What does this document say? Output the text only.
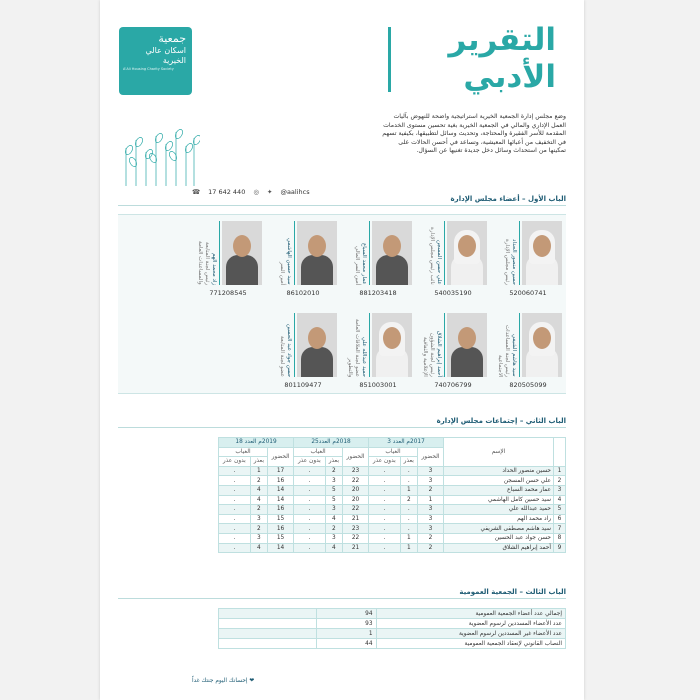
جمعية
اسكان عالي
الخيرية
A'Ali Housing Charity Society
التقرير
الأدبي
وضع مجلس إدارة الجمعية الخيرية استراتيجية واضحة للنهوض بآليات العمل الإداري والمالي في الجمعية الخيرية بغية تحسين مستوى الخدمات المقدمة للأسر الفقيرة والمحتاجة، وتحديث وسائل لتطبيقها، بكيفية تسهم في التخفيف من أعبائها المعيشية، وتساعد في أحسن الحالات على تمكينها من استحداث وسائل دخل جديدة تغنيها عن السؤال.
☎ 17 642 440 ◎ ✦ @aalihcs
الباب الأول – أعضاء مجلس الإدارة
حسين منصور الحداد
رئيس مجلس الإدارة
520060741
علي حسن المسجن
نائب رئيس مجلس الإدارة
540035190
عمار محمد السباع
أمين السر المالي
881203418
سيد حسين الهاشمي
أمين السر
86102010
زاد محمد الهم
رئيس لجنة المتابعة والمساعدات العامة
771208545
سيد هاشم الشيفي
رئيس لجنة المساعدات الاجتماعية
820505099
أحمد إبراهيم الشلاق
رئيس لجنة الشؤون الإعلامية والثقافية
740706799
حميد عبدالله علي
عضو لجنة العلاقات العامة والتطوير
851003001
حسن جواد عبد الحسين
عضو لجنة المتابعة
801109477
الباب الثاني – إجتماعات مجلس الإدارة
	الإسم	2017م العدد 3			2018م العدد25			2019م العدد 18		
		الحضور	الغياب		الحضور	الغياب		الحضور	الغياب	
			بعذر	بدون عذر		بعذر	بدون عذر		بعذر	بدون عذر
1	حسين منصور الحداد	3	.	.	23	2	.	17	1	.
2	علي حسن المسجن	3	.	.	22	3	.	16	2	.
3	عمار محمد السباع	2	1	.	20	5	.	14	4	.
4	سيد حسين كامل الهاشمي	1	2	.	20	5	.	14	4	.
5	حميد عبدالله علي	3	.	.	22	3	.	16	2	.
6	راد محمد الهم	3	.	.	21	4	.	15	3	.
7	سيد هاشم مصطفى الشريفي	3	.	.	23	2	.	16	2	.
8	حسن جواد عبد الحسين	2	1	.	22	3	.	15	3	.
9	أحمد إبراهيم الشلاق	2	1	.	21	4	.	14	4	.
الباب الثالث – الجمعية العمومية
إجمالي عدد أعضاء الجمعية العمومية	94	
عدد الأعضاء المسددين لرسوم العضوية	93	
عدد الأعضاء غير المسددين لرسوم العضوية	1	
النصاب القانوني لإنعقاد الجمعية العمومية	44	
❤ إحسانك اليوم جنتك غداً
